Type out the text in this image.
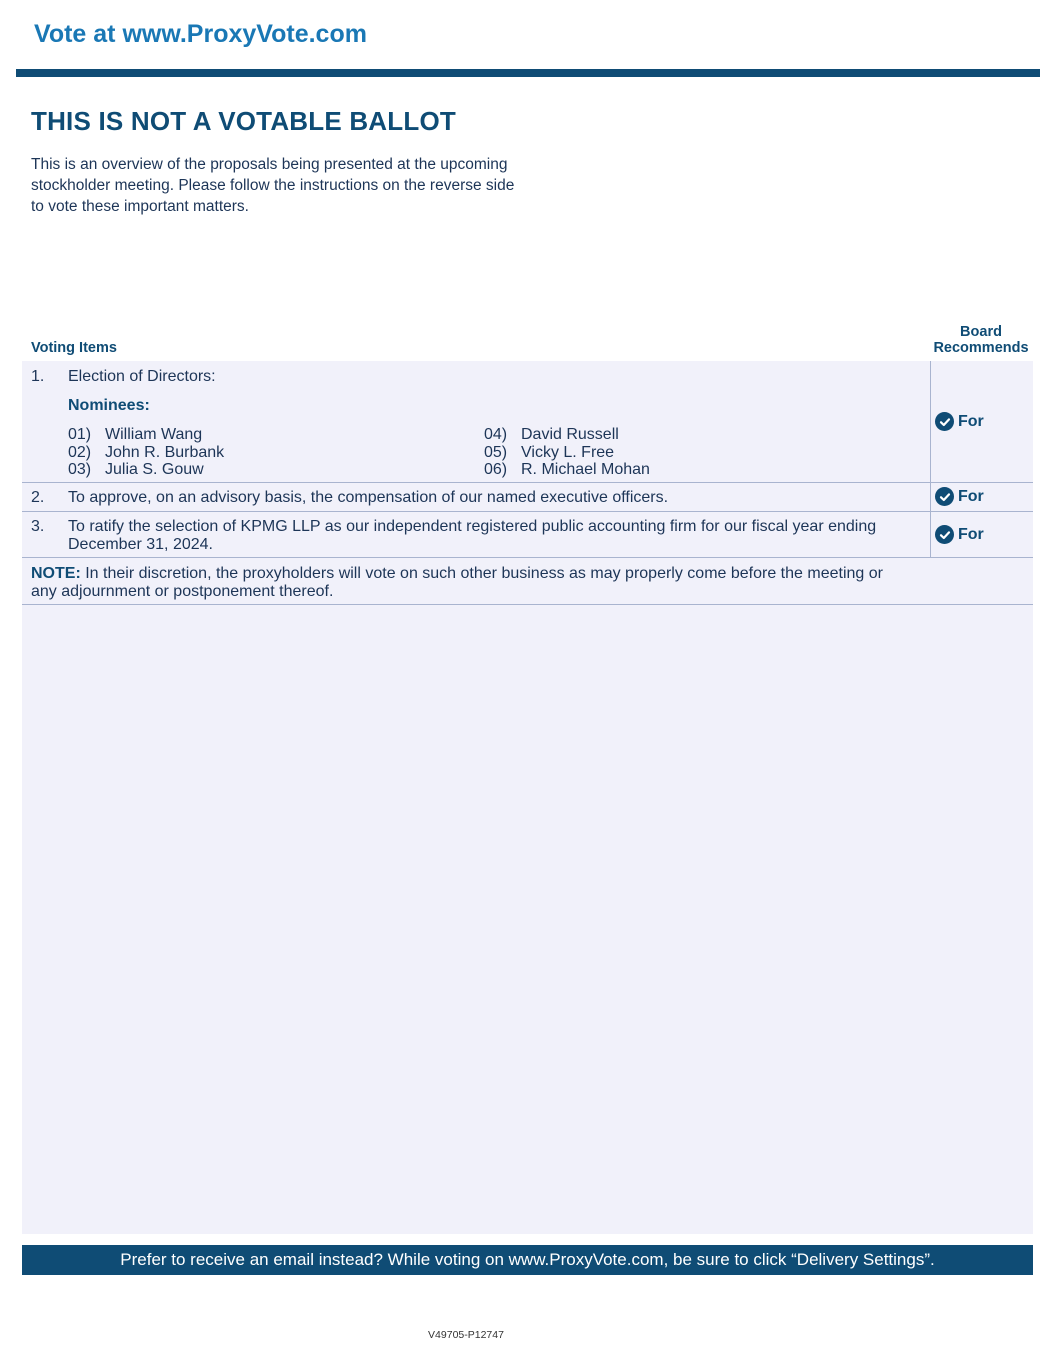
Vote at www.ProxyVote.com
THIS IS NOT A VOTABLE BALLOT
This is an overview of the proposals being presented at the upcoming stockholder meeting. Please follow the instructions on the reverse side to vote these important matters.
Voting Items
Board
Recommends
1. Election of Directors:
Nominees:
01) William Wang
02) John R. Burbank
03) Julia S. Gouw
04) David Russell
05) Vicky L. Free
06) R. Michael Mohan
For
2. To approve, on an advisory basis, the compensation of our named executive officers.	For
3. To ratify the selection of KPMG LLP as our independent registered public accounting firm for our fiscal year ending
December 31, 2024.
For
NOTE: In their discretion, the proxyholders will vote on such other business as may properly come before the meeting or
any adjournment or postponement thereof.
Prefer to receive an email instead? While voting on www.ProxyVote.com, be sure to click “Delivery Settings”.
V49705-P12747
